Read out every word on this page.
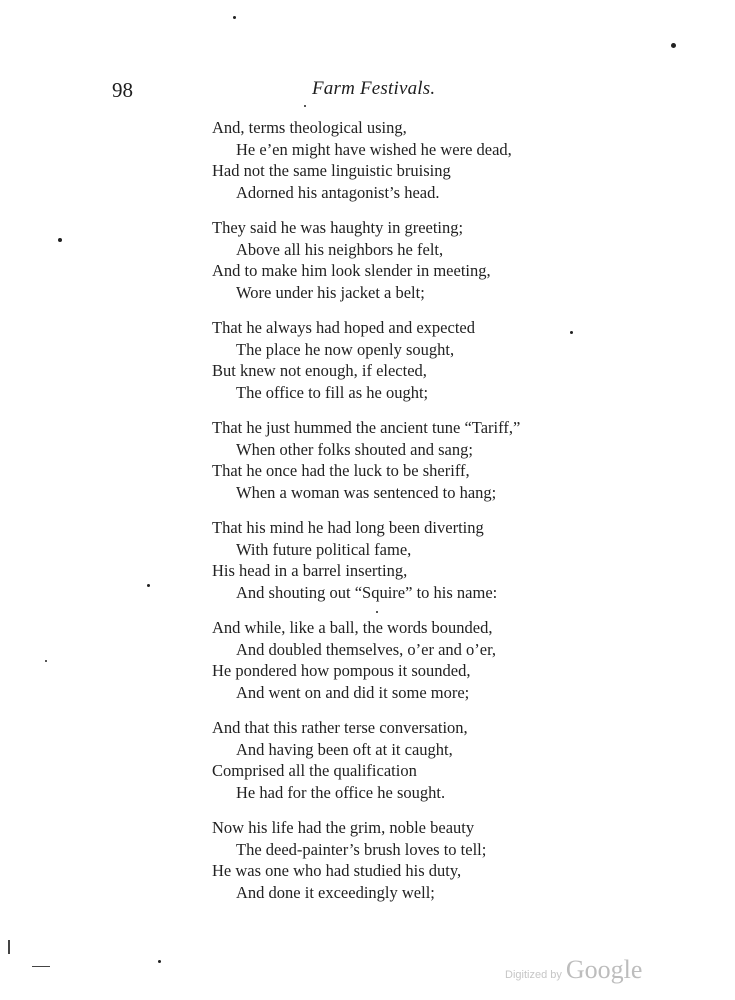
98	Farm Festivals.
And, terms theological using,
He e’en might have wished he were dead,
Had not the same linguistic bruising
Adorned his antagonist’s head.
They said he was haughty in greeting;
Above all his neighbors he felt,
And to make him look slender in meeting,
Wore under his jacket a belt;
That he always had hoped and expected
The place he now openly sought,
But knew not enough, if elected,
The office to fill as he ought;
That he just hummed the ancient tune “Tariff,”
When other folks shouted and sang;
That he once had the luck to be sheriff,
When a woman was sentenced to hang;
That his mind he had long been diverting
With future political fame,
His head in a barrel inserting,
And shouting out “Squire” to his name:
And while, like a ball, the words bounded,
And doubled themselves, o’er and o’er,
He pondered how pompous it sounded,
And went on and did it some more;
And that this rather terse conversation,
And having been oft at it caught,
Comprised all the qualification
He had for the office he sought.
Now his life had the grim, noble beauty
The deed-painter’s brush loves to tell;
He was one who had studied his duty,
And done it exceedingly well;
Digitized by Google
